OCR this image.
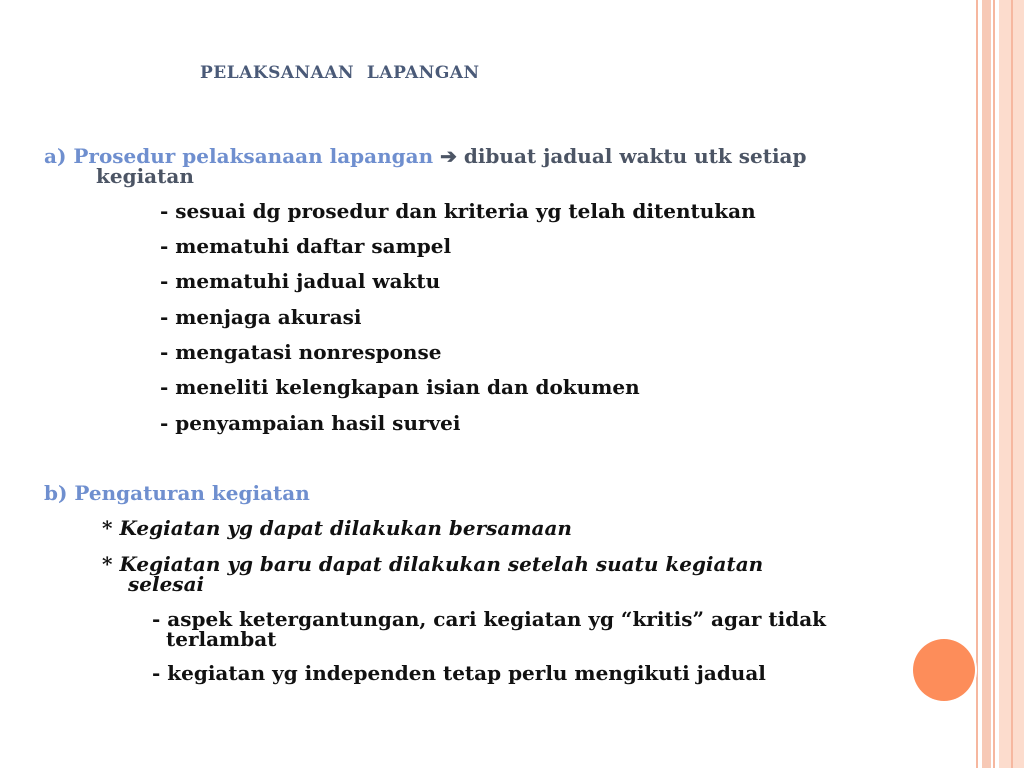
PELAKSANAAN  LAPANGAN
a) Prosedur pelaksanaan lapangan ➔ dibuat jadual waktu utk setiap
kegiatan
- sesuai dg prosedur dan kriteria yg telah ditentukan
- mematuhi daftar sampel
- mematuhi jadual waktu
- menjaga akurasi
- mengatasi nonresponse
- meneliti kelengkapan isian dan dokumen
- penyampaian hasil survei
b) Pengaturan kegiatan
* Kegiatan yg dapat dilakukan bersamaan
* Kegiatan yg baru dapat dilakukan setelah suatu kegiatan
selesai
- aspek ketergantungan, cari kegiatan yg “kritis” agar tidak
terlambat
- kegiatan yg independen tetap perlu mengikuti jadual
